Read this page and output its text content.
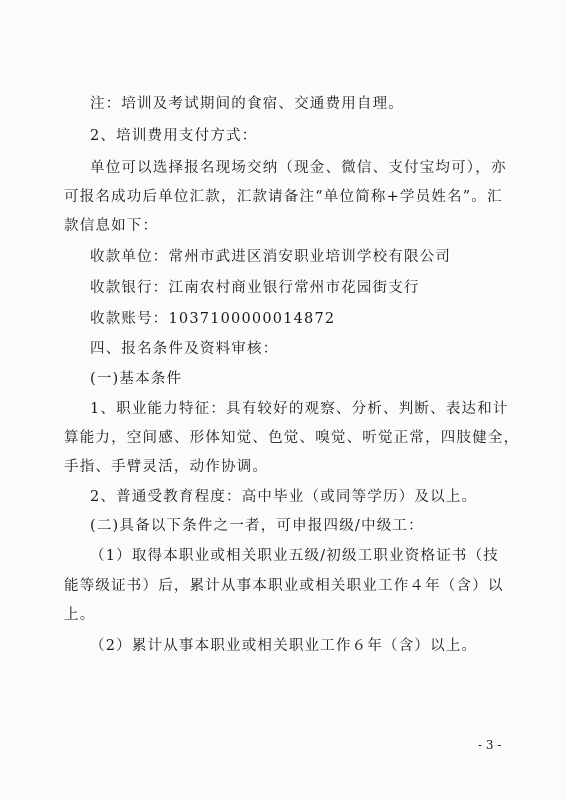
注：培训及考试期间的食宿、交通费用自理。
2、培训费用支付方式：
单位可以选择报名现场交纳（现金、微信、支付宝均可），亦
可报名成功后单位汇款，汇款请备注“单位简称+学员姓名”。汇
款信息如下：
收款单位：常州市武进区消安职业培训学校有限公司
收款银行：江南农村商业银行常州市花园街支行
收款账号：1037100000014872
四、报名条件及资料审核：
(一)基本条件
1、职业能力特征：具有较好的观察、分析、判断、表达和计
算能力，空间感、形体知觉、色觉、嗅觉、听觉正常，四肢健全，
手指、手臂灵活，动作协调。
2、普通受教育程度：高中毕业（或同等学历）及以上。
(二)具备以下条件之一者，可申报四级/中级工：
（1）取得本职业或相关职业五级/初级工职业资格证书（技
能等级证书）后，累计从事本职业或相关职业工作４年（含）以
上。
（2）累计从事本职业或相关职业工作６年（含）以上。
- 3 -
